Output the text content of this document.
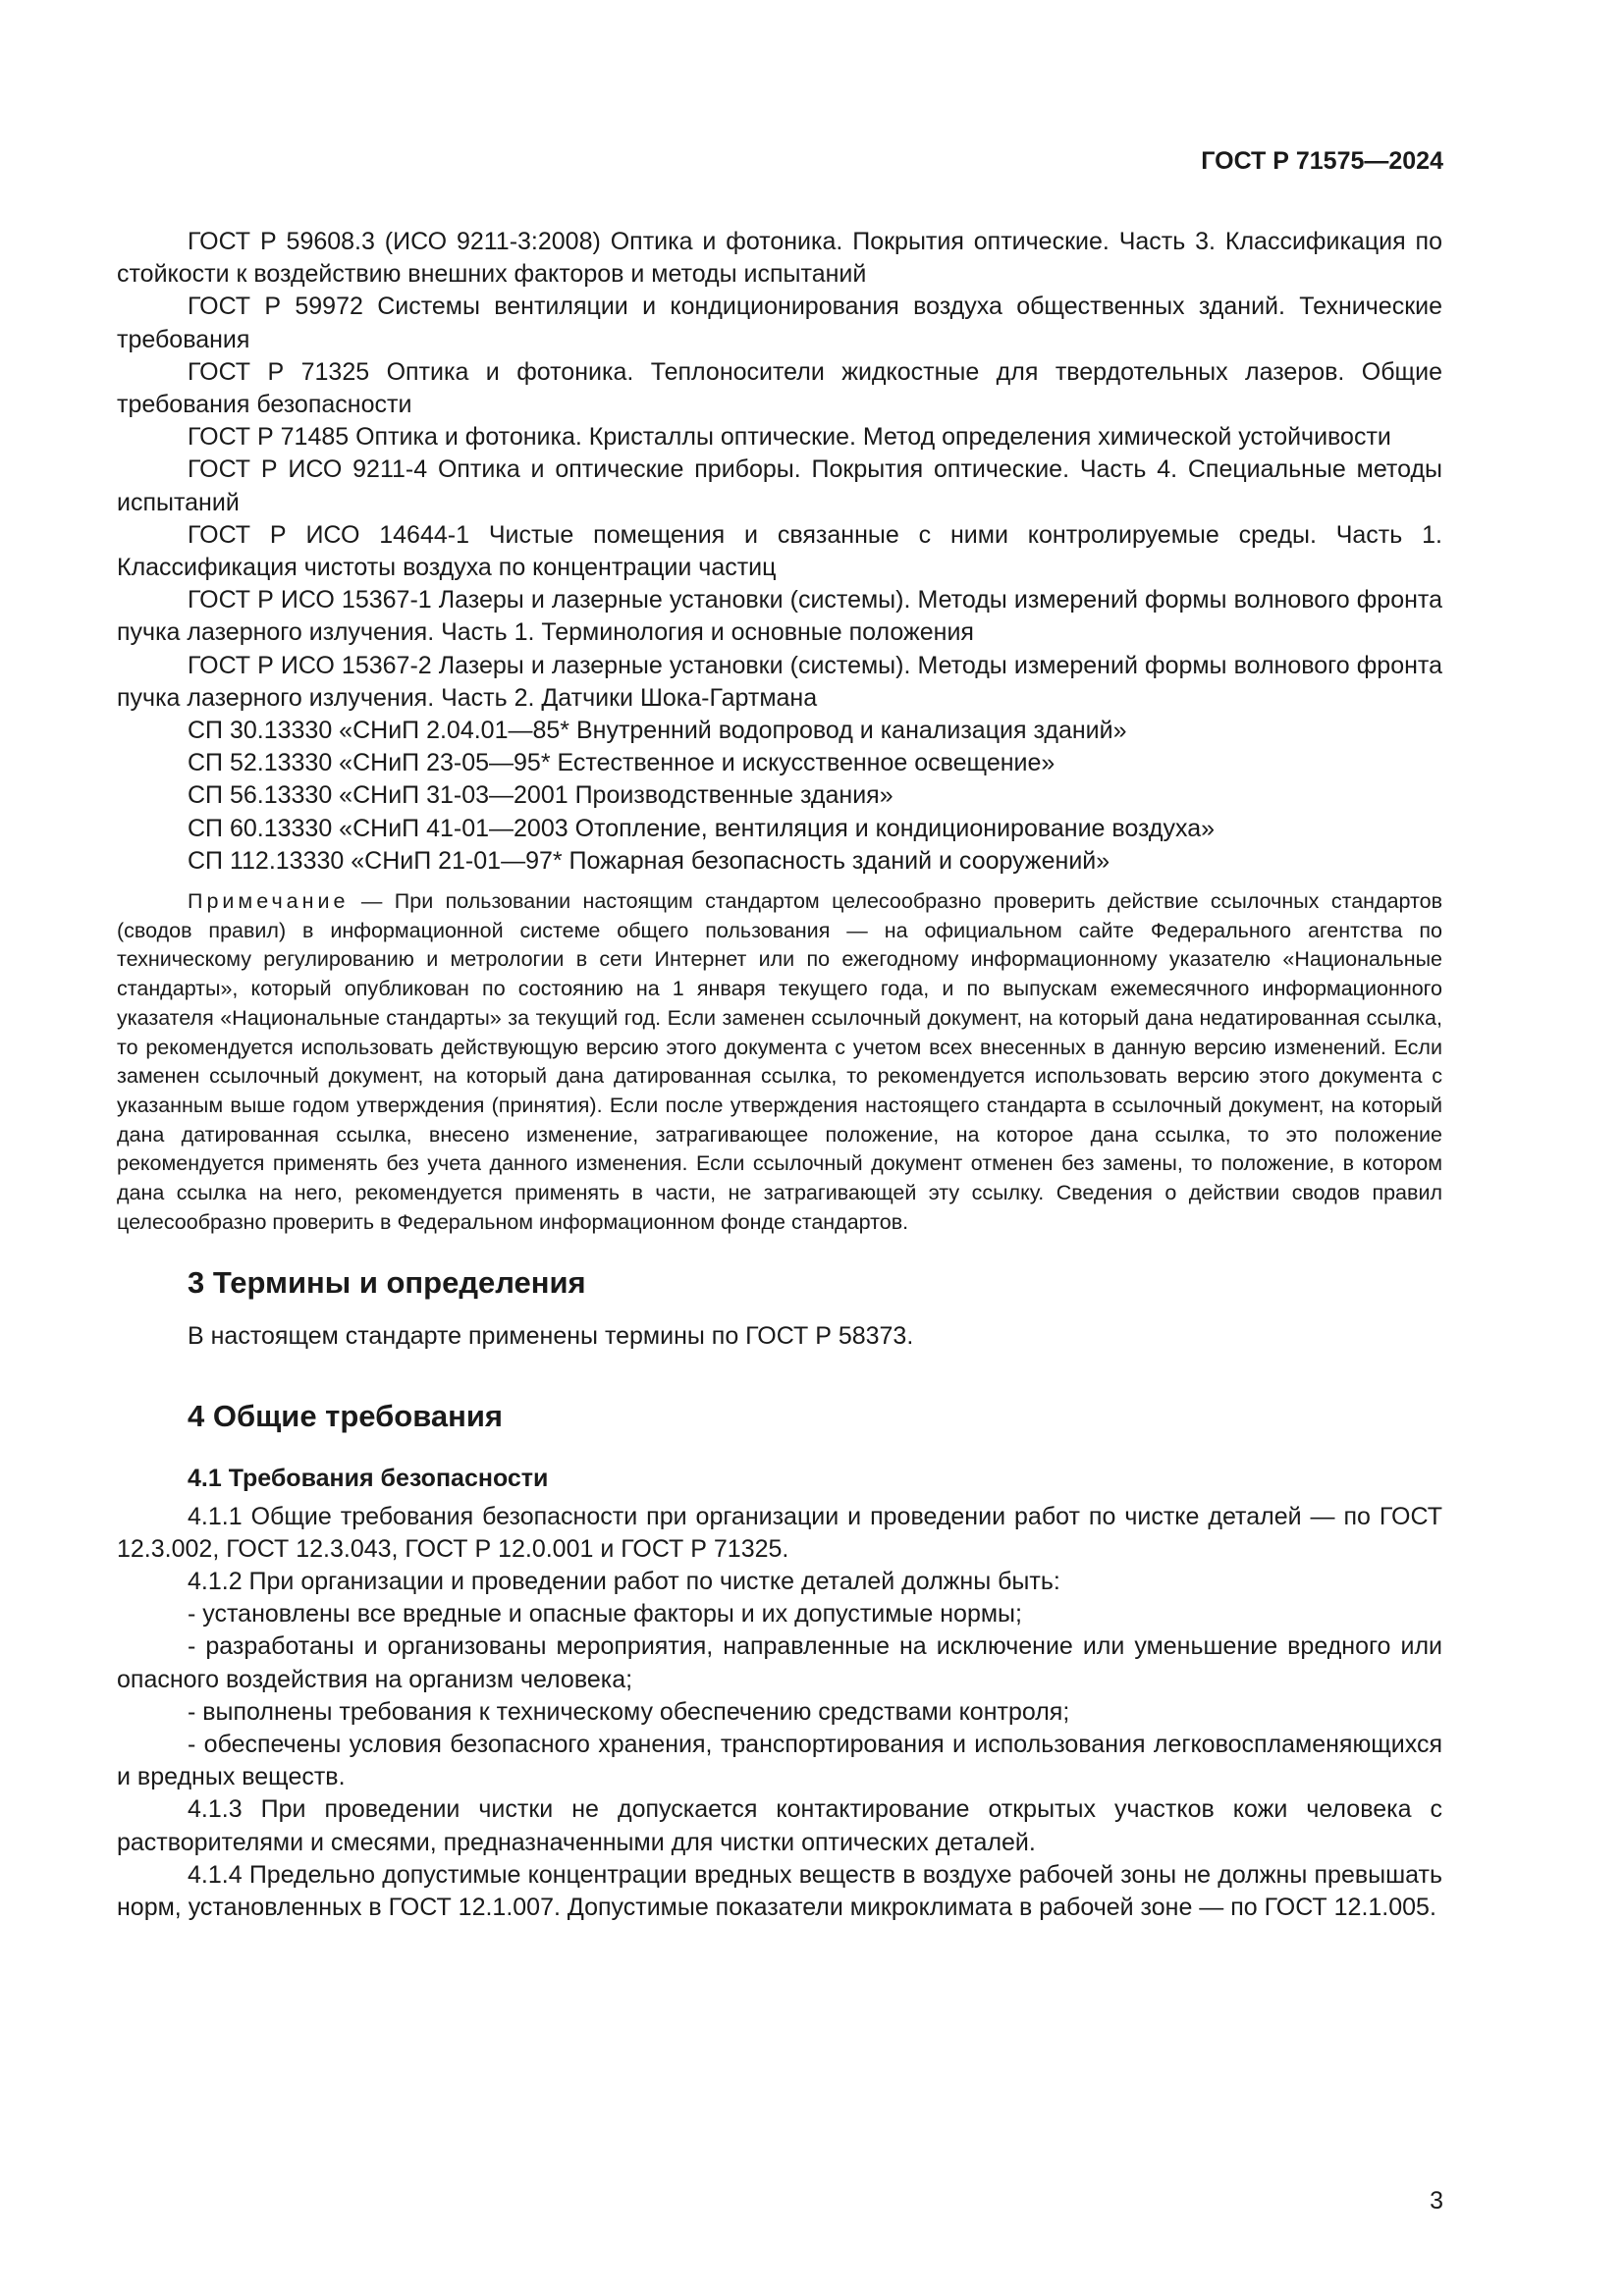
ГОСТ Р 71575—2024

ГОСТ Р 59608.3 (ИСО 9211-3:2008) Оптика и фотоника. Покрытия оптические. Часть 3. Классификация по стойкости к воздействию внешних факторов и методы испытаний

ГОСТ Р 59972 Системы вентиляции и кондиционирования воздуха общественных зданий. Технические требования

ГОСТ Р 71325 Оптика и фотоника. Теплоносители жидкостные для твердотельных лазеров. Общие требования безопасности

ГОСТ Р 71485 Оптика и фотоника. Кристаллы оптические. Метод определения химической устойчивости

ГОСТ Р ИСО 9211-4 Оптика и оптические приборы. Покрытия оптические. Часть 4. Специальные методы испытаний

ГОСТ Р ИСО 14644-1 Чистые помещения и связанные с ними контролируемые среды. Часть 1. Классификация чистоты воздуха по концентрации частиц

ГОСТ Р ИСО 15367-1 Лазеры и лазерные установки (системы). Методы измерений формы волнового фронта пучка лазерного излучения. Часть 1. Терминология и основные положения

ГОСТ Р ИСО 15367-2 Лазеры и лазерные установки (системы). Методы измерений формы волнового фронта пучка лазерного излучения. Часть 2. Датчики Шока-Гартмана

СП 30.13330 «СНиП 2.04.01—85* Внутренний водопровод и канализация зданий»

СП 52.13330 «СНиП 23-05—95* Естественное и искусственное освещение»

СП 56.13330 «СНиП 31-03—2001 Производственные здания»

СП 60.13330 «СНиП 41-01—2003 Отопление, вентиляция и кондиционирование воздуха»

СП 112.13330 «СНиП 21-01—97* Пожарная безопасность зданий и сооружений»

Примечание — При пользовании настоящим стандартом целесообразно проверить действие ссылочных стандартов (сводов правил) в информационной системе общего пользования — на официальном сайте Федерального агентства по техническому регулированию и метрологии в сети Интернет или по ежегодному информационному указателю «Национальные стандарты», который опубликован по состоянию на 1 января текущего года, и по выпускам ежемесячного информационного указателя «Национальные стандарты» за текущий год. Если заменен ссылочный документ, на который дана недатированная ссылка, то рекомендуется использовать действующую версию этого документа с учетом всех внесенных в данную версию изменений. Если заменен ссылочный документ, на который дана датированная ссылка, то рекомендуется использовать версию этого документа с указанным выше годом утверждения (принятия). Если после утверждения настоящего стандарта в ссылочный документ, на который дана датированная ссылка, внесено изменение, затрагивающее положение, на которое дана ссылка, то это положение рекомендуется применять без учета данного изменения. Если ссылочный документ отменен без замены, то положение, в котором дана ссылка на него, рекомендуется применять в части, не затрагивающей эту ссылку. Сведения о действии сводов правил целесообразно проверить в Федеральном информационном фонде стандартов.

3 Термины и определения

В настоящем стандарте применены термины по ГОСТ Р 58373.

4 Общие требования
4.1 Требования безопасности

4.1.1 Общие требования безопасности при организации и проведении работ по чистке деталей — по ГОСТ 12.3.002, ГОСТ 12.3.043, ГОСТ Р 12.0.001 и ГОСТ Р 71325.

4.1.2 При организации и проведении работ по чистке деталей должны быть:

- установлены все вредные и опасные факторы и их допустимые нормы;

- разработаны и организованы мероприятия, направленные на исключение или уменьшение вредного или опасного воздействия на организм человека;

- выполнены требования к техническому обеспечению средствами контроля;

- обеспечены условия безопасного хранения, транспортирования и использования легковоспламеняющихся и вредных веществ.

4.1.3 При проведении чистки не допускается контактирование открытых участков кожи человека с растворителями и смесями, предназначенными для чистки оптических деталей.

4.1.4 Предельно допустимые концентрации вредных веществ в воздухе рабочей зоны не должны превышать норм, установленных в ГОСТ 12.1.007. Допустимые показатели микроклимата в рабочей зоне — по ГОСТ 12.1.005.

3
